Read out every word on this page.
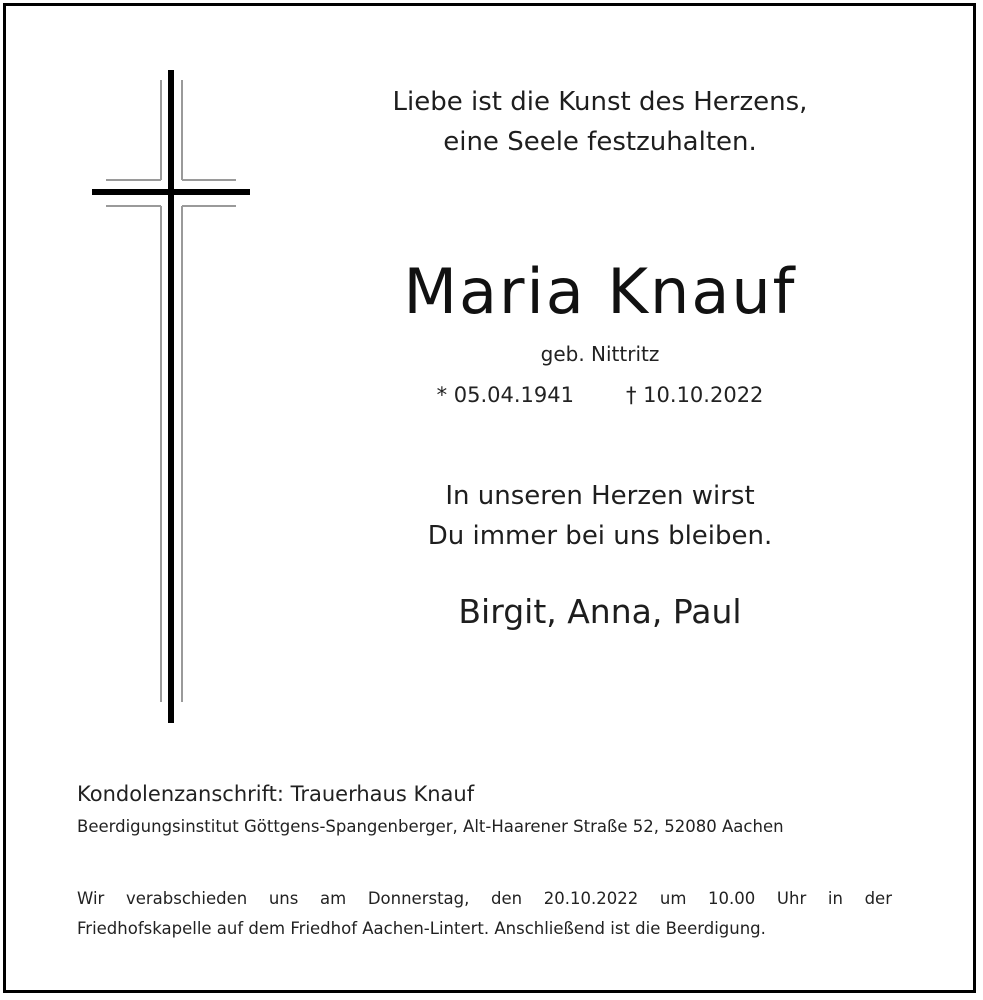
Liebe ist die Kunst des Herzens,
eine Seele festzuhalten.
Maria Knauf
geb. Nittritz
* 05.04.1941 † 10.10.2022
In unseren Herzen wirst
Du immer bei uns bleiben.
Birgit, Anna, Paul
Kondolenzanschrift: Trauerhaus Knauf
Beerdigungsinstitut Göttgens-Spangenberger, Alt-Haarener Straße 52, 52080 Aachen
Wir verabschieden uns am Donnerstag, den 20.10.2022 um 10.00 Uhr in der
Friedhofskapelle auf dem Friedhof Aachen-Lintert. Anschließend ist die Beerdigung.
